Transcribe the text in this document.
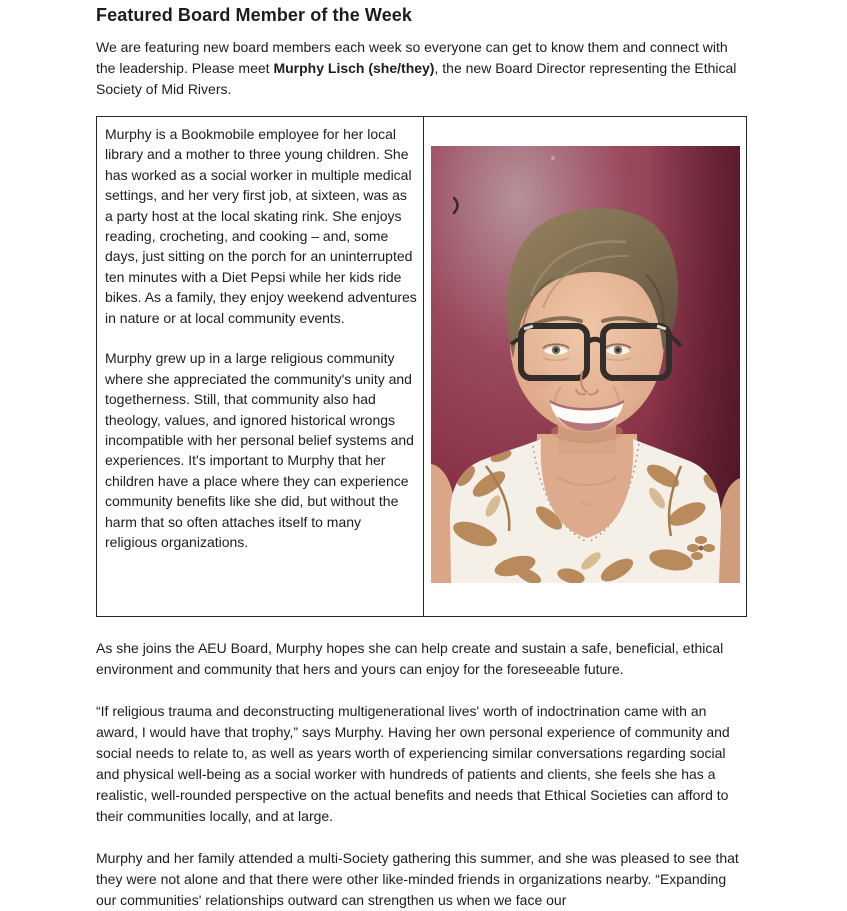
Featured Board Member of the Week

We are featuring new board members each week so everyone can get to know them and connect with the leadership. Please meet Murphy Lisch (she/they), the new Board Director representing the Ethical Society of Mid Rivers.

Murphy is a Bookmobile employee for her local library and a mother to three young children. She has worked as a social worker in multiple medical settings, and her very first job, at sixteen, was as a party host at the local skating rink. She enjoys reading, crocheting, and cooking – and, some days, just sitting on the porch for an uninterrupted ten minutes with a Diet Pepsi while her kids ride bikes. As a family, they enjoy weekend adventures in nature or at local community events.

Murphy grew up in a large religious community where she appreciated the community's unity and togetherness. Still, that community also had theology, values, and ignored historical wrongs incompatible with her personal belief systems and experiences. It's important to Murphy that her children have a place where they can experience community benefits like she did, but without the harm that so often attaches itself to many religious organizations.

As she joins the AEU Board, Murphy hopes she can help create and sustain a safe, beneficial, ethical environment and community that hers and yours can enjoy for the foreseeable future.

“If religious trauma and deconstructing multigenerational lives' worth of indoctrination came with an award, I would have that trophy,” says Murphy. Having her own personal experience of community and social needs to relate to, as well as years worth of experiencing similar conversations regarding social and physical well-being as a social worker with hundreds of patients and clients, she feels she has a realistic, well-rounded perspective on the actual benefits and needs that Ethical Societies can afford to their communities locally, and at large.

Murphy and her family attended a multi-Society gathering this summer, and she was pleased to see that they were not alone and that there were other like-minded friends in organizations nearby. “Expanding our communities' relationships outward can strengthen us when we face our
